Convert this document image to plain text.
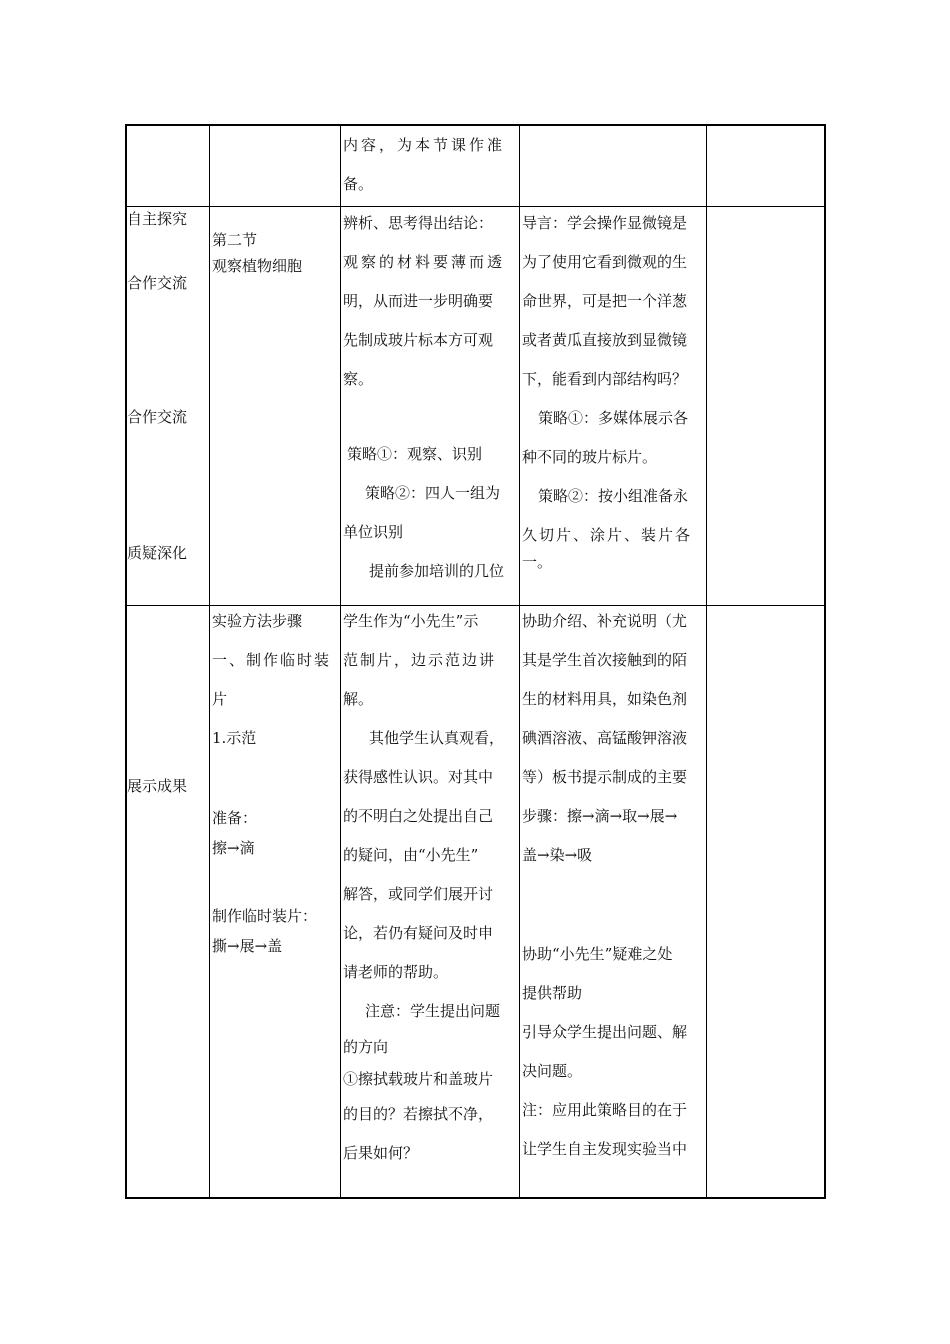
内容，为本节课作准

备。

自主探究

合作交流

合作交流

质疑深化

第二节

观察植物细胞

辨析、思考得出结论：

观察的材料要薄而透

明，从而进一步明确要

先制成玻片标本方可观

察。

策略①：观察、识别

策略②：四人一组为

单位识别

提前参加培训的几位

导言：学会操作显微镜是

为了使用它看到微观的生

命世界，可是把一个洋葱

或者黄瓜直接放到显微镜

下，能看到内部结构吗？

策略①：多媒体展示各

种不同的玻片标片。

策略②：按小组准备永

久切片、涂片、装片各

一。

展示成果

实验方法步骤

一、制作临时装

片

1.示范

准备：

擦→滴

制作临时装片：

撕→展→盖

学生作为“小先生”示

范制片，边示范边讲

解。

其他学生认真观看，

获得感性认识。对其中

的不明白之处提出自己

的疑问，由“小先生”

解答，或同学们展开讨

论，若仍有疑问及时申

请老师的帮助。

注意：学生提出问题

的方向

①擦拭载玻片和盖玻片

的目的？若擦拭不净，

后果如何？

协助介绍、补充说明（尤

其是学生首次接触到的陌

生的材料用具，如染色剂

碘酒溶液、高锰酸钾溶液

等）板书提示制成的主要

步骤：擦→滴→取→展→

盖→染→吸

协助“小先生”疑难之处

提供帮助

引导众学生提出问题、解

决问题。

注：应用此策略目的在于

让学生自主发现实验当中
